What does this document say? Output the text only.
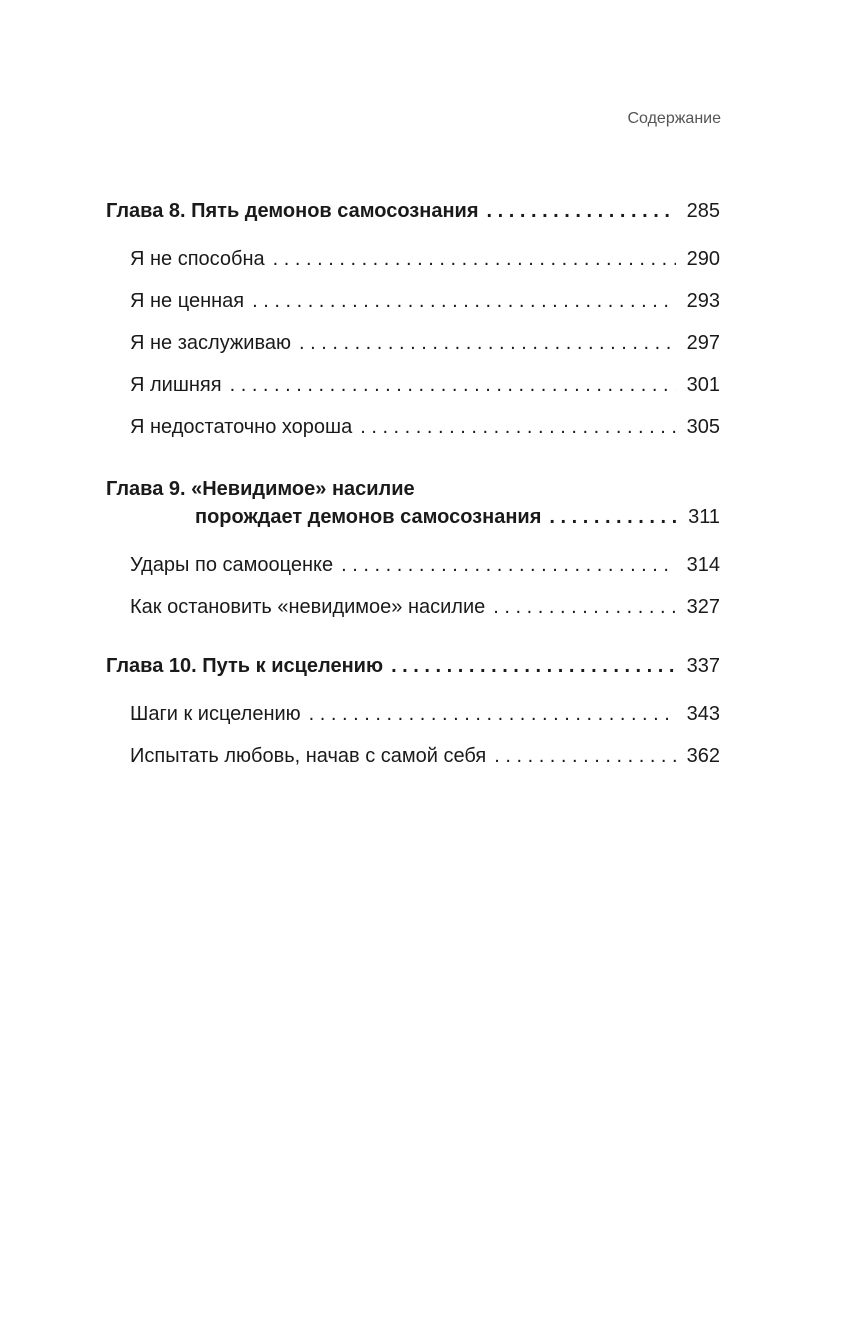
Содержание
Глава 8. Пять демонов самосознания . . .	285
Я не способна . . .	290
Я не ценная . . .	293
Я не заслуживаю . . .	297
Я лишняя . . .	301
Я недостаточно хороша . . .	305
Глава 9. «Невидимое» насилие
порождает демонов самосознания . . .	311
Удары по самооценке . . .	314
Как остановить «невидимое» насилие . . .	327
Глава 10. Путь к исцелению . . .	337
Шаги к исцелению . . .	343
Испытать любовь, начав с самой себя . . .	362
